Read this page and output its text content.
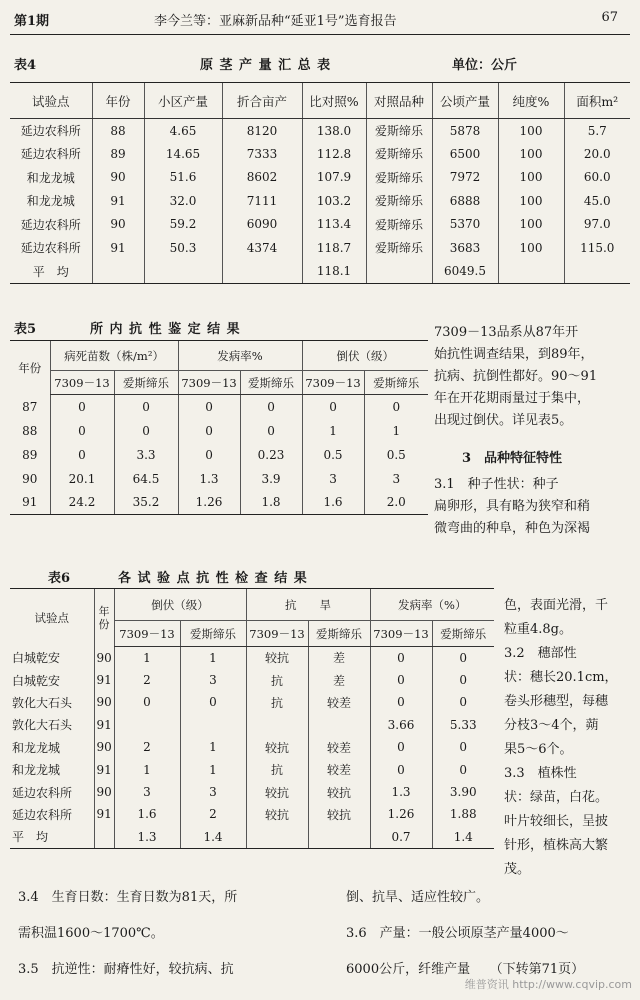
第1期	李今兰等：亚麻新品种“延亚1号”选育报告	67
表4	原 茎 产 量 汇 总 表	单位：公斤
试验点	年份	小区产量	折合亩产	比对照%	对照品种	公顷产量	纯度%	面积m²
延边农科所	88	4.65	8120	138.0	爱斯缔乐	5878	100	5.7
延边农科所	89	14.65	7333	112.8	爱斯缔乐	6500	100	20.0
和龙龙城	90	51.6	8602	107.9	爱斯缔乐	7972	100	60.0
和龙龙城	91	32.0	7111	103.2	爱斯缔乐	6888	100	45.0
延边农科所	90	59.2	6090	113.4	爱斯缔乐	5370	100	97.0
延边农科所	91	50.3	4374	118.7	爱斯缔乐	3683	100	115.0
平　均				118.1		6049.5		
表5	所 内 抗 性 鉴 定 结 果
年份	病死苗数（株/m²）		发病率%		倒伏（级）	
	7309－13	爱斯缔乐	7309－13	爱斯缔乐	7309－13	爱斯缔乐
87	0	0	0	0	0	0
88	0	0	0	0	1	1
89	0	3.3	0	0.23	0.5	0.5
90	20.1	64.5	1.3	3.9	3	3
91	24.2	35.2	1.26	1.8	1.6	2.0

7309－13品系从87年开

始抗性调查结果，到89年，

抗病、抗倒性都好。90～91

年在开花期雨量过于集中，

出现过倒伏。详见表5。

3　品种特征特性

3.1　种子性状：种子

扁卵形，具有略为狭窄和稍

微弯曲的种阜，种色为深褐

表6	各 试 验 点 抗 性 检 查 结 果
试验点	年份	倒伏（级）		抗　　旱		发病率（%）	
		7309－13	爱斯缔乐	7309－13	爱斯缔乐	7309－13	爱斯缔乐
白城乾安	90	1	1	较抗	差	0	0
白城乾安	91	2	3	抗	差	0	0
敦化大石头	90	0	0	抗	较差	0	0
敦化大石头	91					3.66	5.33
和龙龙城	90	2	1	较抗	较差	0	0
和龙龙城	91	1	1	抗	较差	0	0
延边农科所	90	3	3	较抗	较抗	1.3	3.90
延边农科所	91	1.6	2	较抗	较抗	1.26	1.88
平　均		1.3	1.4			0.7	1.4

色，表面光滑，千

粒重4.8g。

3.2　穗部性

状：穗长20.1cm，

卷头形穗型，每穗

分枝3～4个，蒴

果5～6个。

3.3　植株性

状：绿苗，白花。

叶片较细长，呈披

针形，植株高大繁

茂。

3.4　生育日数：生育日数为81天，所

需积温1600～1700℃。

3.5　抗逆性：耐瘠性好，较抗病、抗

倒、抗旱、适应性较广。

3.6　产量：一般公顷原茎产量4000～

6000公斤，纤维产量　　（下转第71页）

维普资讯 http://www.cqvip.com
